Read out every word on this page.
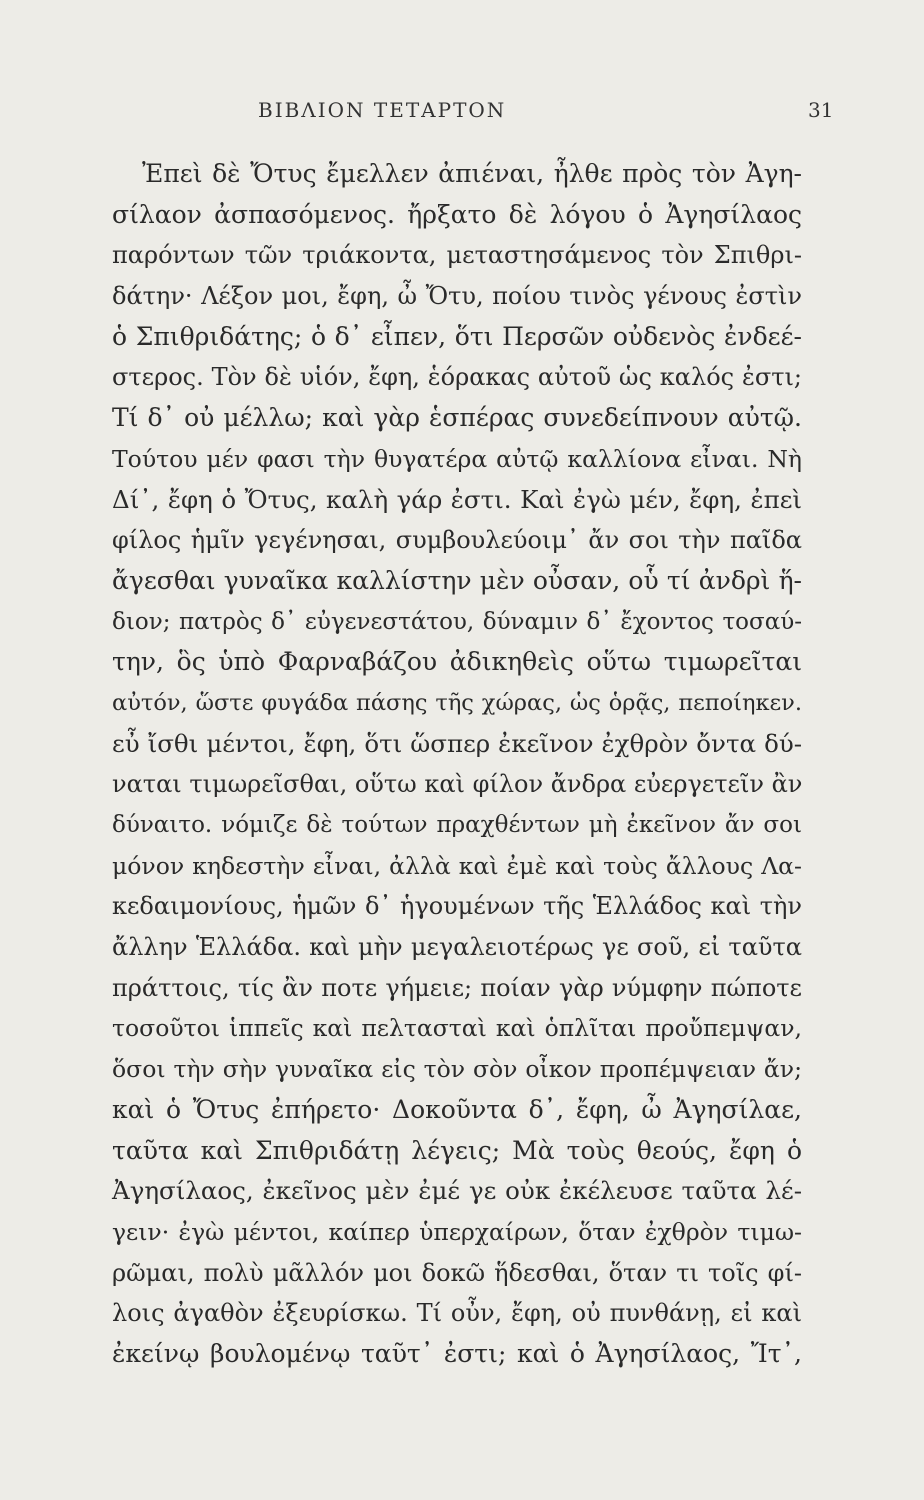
ΒΙΒΛΙΟΝ ΤΕΤΑΡΤΟΝ	31
Ἐπεὶ δὲ Ὄτυς ἔμελλεν ἀπιέναι, ἦλθε πρὸς τὸν Ἀγη-
σίλαον ἀσπασόμενος. ἤρξατο δὲ λόγου ὁ Ἀγησίλαος
παρόντων τῶν τριάκοντα, μεταστησάμενος τὸν Σπιθρι-
δάτην· Λέξον μοι, ἔφη, ὦ Ὄτυ, ποίου τινὸς γένους ἐστὶν
ὁ Σπιθριδάτης; ὁ δ᾽ εἶπεν, ὅτι Περσῶν οὐδενὸς ἐνδεέ-
στερος. Τὸν δὲ υἱόν, ἔφη, ἑόρακας αὐτοῦ ὡς καλός ἐστι;
Τί δ᾽ οὐ μέλλω; καὶ γὰρ ἑσπέρας συνεδείπνουν αὐτῷ.
Τούτου μέν φασι τὴν θυγατέρα αὐτῷ καλλίονα εἶναι. Νὴ
Δί᾽, ἔφη ὁ Ὄτυς, καλὴ γάρ ἐστι. Καὶ ἐγὼ μέν, ἔφη, ἐπεὶ
φίλος ἡμῖν γεγένησαι, συμβουλεύοιμ᾽ ἄν σοι τὴν παῖδα
ἄγεσθαι γυναῖκα καλλίστην μὲν οὖσαν, οὗ τί ἀνδρὶ ἥ-
διον; πατρὸς δ᾽ εὐγενεστάτου, δύναμιν δ᾽ ἔχοντος τοσαύ-
την, ὃς ὑπὸ Φαρναβάζου ἀδικηθεὶς οὕτω τιμωρεῖται
αὐτόν, ὥστε φυγάδα πάσης τῆς χώρας, ὡς ὁρᾷς, πεποίηκεν.
εὖ ἴσθι μέντοι, ἔφη, ὅτι ὥσπερ ἐκεῖνον ἐχθρὸν ὄντα δύ-
ναται τιμωρεῖσθαι, οὕτω καὶ φίλον ἄνδρα εὐεργετεῖν ἂν
δύναιτο. νόμιζε δὲ τούτων πραχθέντων μὴ ἐκεῖνον ἄν σοι
μόνον κηδεστὴν εἶναι, ἀλλὰ καὶ ἐμὲ καὶ τοὺς ἄλλους Λα-
κεδαιμονίους, ἡμῶν δ᾽ ἡγουμένων τῆς Ἑλλάδος καὶ τὴν
ἄλλην Ἑλλάδα. καὶ μὴν μεγαλειοτέρως γε σοῦ, εἰ ταῦτα
πράττοις, τίς ἂν ποτε γήμειε; ποίαν γὰρ νύμφην πώποτε
τοσοῦτοι ἱππεῖς καὶ πελτασταὶ καὶ ὁπλῖται προὔπεμψαν,
ὅσοι τὴν σὴν γυναῖκα εἰς τὸν σὸν οἶκον προπέμψειαν ἄν;
καὶ ὁ Ὄτυς ἐπήρετο· Δοκοῦντα δ᾽, ἔφη, ὦ Ἀγησίλαε,
ταῦτα καὶ Σπιθριδάτῃ λέγεις; Μὰ τοὺς θεούς, ἔφη ὁ
Ἀγησίλαος, ἐκεῖνος μὲν ἐμέ γε οὐκ ἐκέλευσε ταῦτα λέ-
γειν· ἐγὼ μέντοι, καίπερ ὑπερχαίρων, ὅταν ἐχθρὸν τιμω-
ρῶμαι, πολὺ μᾶλλόν μοι δοκῶ ἥδεσθαι, ὅταν τι τοῖς φί-
λοις ἀγαθὸν ἐξευρίσκω. Τί οὖν, ἔφη, οὐ πυνθάνῃ, εἰ καὶ
ἐκείνῳ βουλομένῳ ταῦτ᾽ ἐστι; καὶ ὁ Ἀγησίλαος, Ἴτ᾽,
